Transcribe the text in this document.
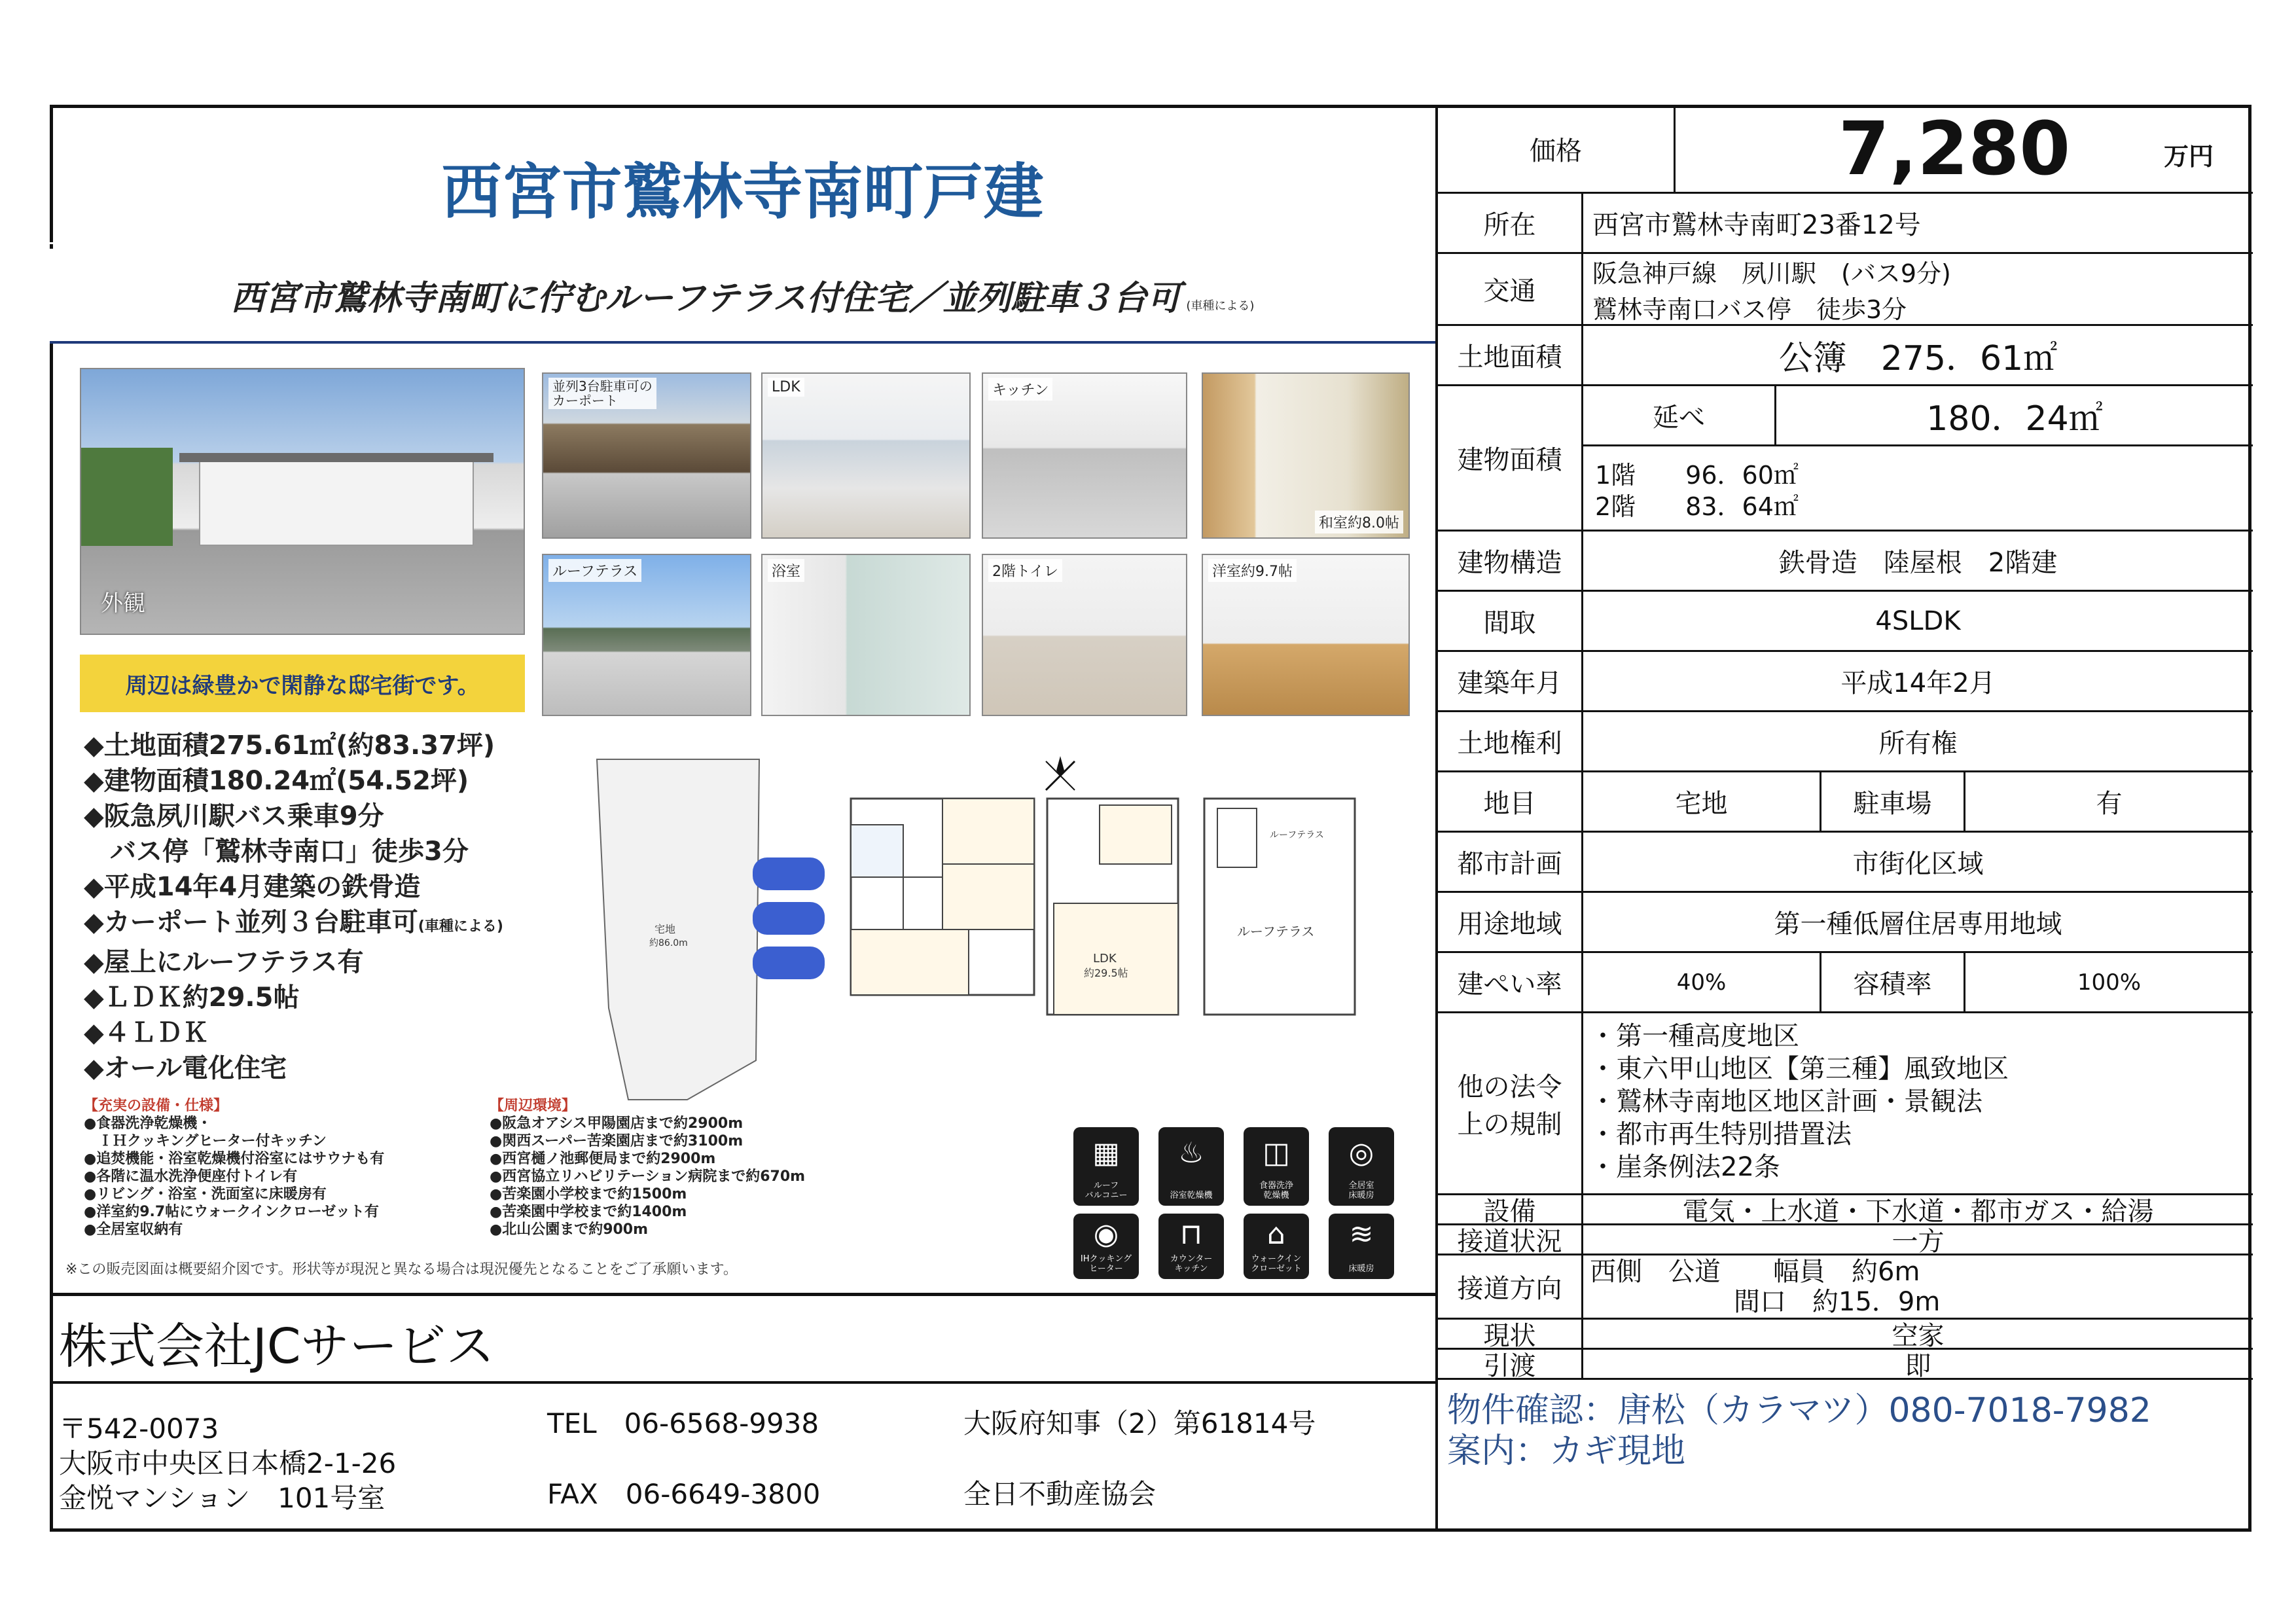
西宮市鷲林寺南町戸建
西宮市鷲林寺南町に佇むルーフテラス付住宅／並列駐車３台可 (車種による)
外観
並列3台駐車可の
カーポート
LDK	キッチン
和室約8.0帖
ルーフテラス	浴室	2階トイレ	洋室約9.7帖
周辺は緑豊かで閑静な邸宅街です。
◆土地面積275.61㎡(約83.37坪)
◆建物面積180.24㎡(54.52坪)
◆阪急夙川駅バス乗車9分
　バス停「鷲林寺南口」徒歩3分
◆平成14年4月建築の鉄骨造
◆カーポート並列３台駐車可(車種による)
◆屋上にルーフテラス有
◆ＬＤＫ約29.5帖
◆４ＬＤＫ
◆オール電化住宅
【充実の設備・仕様】
●食器洗浄乾燥機・
　ＩＨクッキングヒーター付キッチン
●追焚機能・浴室乾燥機付浴室にはサウナも有
●各階に温水洗浄便座付トイレ有
●リビング・浴室・洗面室に床暖房有
●洋室約9.7帖にウォークインクローゼット有
●全居室収納有
【周辺環境】
●阪急オアシス甲陽園店まで約2900m
●関西スーパー苦楽園店まで約3100m
●西宮樋ノ池郵便局まで約2900m
●西宮協立リハビリテーション病院まで約670m
●苦楽園小学校まで約1500m
●苦楽園中学校まで約1400m
●北山公園まで約900m
※この販売図面は概要紹介図です。形状等が現況と異なる場合は現況優先となることをご了承願います。
宅地
約86.0m
LDK
約29.5帖
ルーフテラス
ルーフテラス
▦
ルーフ
バルコニー
♨
浴室乾燥機
◫
食器洗浄
乾燥機
◎
全居室
床暖房
◉
IHクッキング
ヒーター
⊓
カウンター
キッチン
⌂
ウォークイン
クローゼット
≋
床暖房
株式会社JCサービス
〒542-0073
大阪市中央区日本橋2-1-26
金悦マンション　101号室
TEL　06-6568-9938
FAX　06-6649-3800
大阪府知事（2）第61814号
全日不動産協会
価格	7,280	万円
所在	西宮市鷲林寺南町23番12号
交通
阪急神戸線　夙川駅　(バス9分)
鷲林寺南口バス停　徒歩3分
土地面積	公簿　275．61㎡
建物面積
延べ	180．24㎡
1階　　96．60㎡
2階　　83．64㎡
建物構造	鉄骨造　陸屋根　2階建
間取	4SLDK
建築年月	平成14年2月
土地権利	所有権
地目	宅地	駐車場	有
都市計画	市街化区域
用途地域	第一種低層住居専用地域
建ぺい率	40%	容積率	100%
他の法令
上の規制
・第一種高度地区
・東六甲山地区【第三種】風致地区
・鷲林寺南地区地区計画・景観法
・都市再生特別措置法
・崖条例法22条
設備	電気・上水道・下水道・都市ガス・給湯
接道状況	一方
接道方向
西側　公道　　幅員　約6m
間口　約15．9m
現状	空家
引渡	即
物件確認：唐松（カラマツ）080-7018-7982
案内：カギ現地
